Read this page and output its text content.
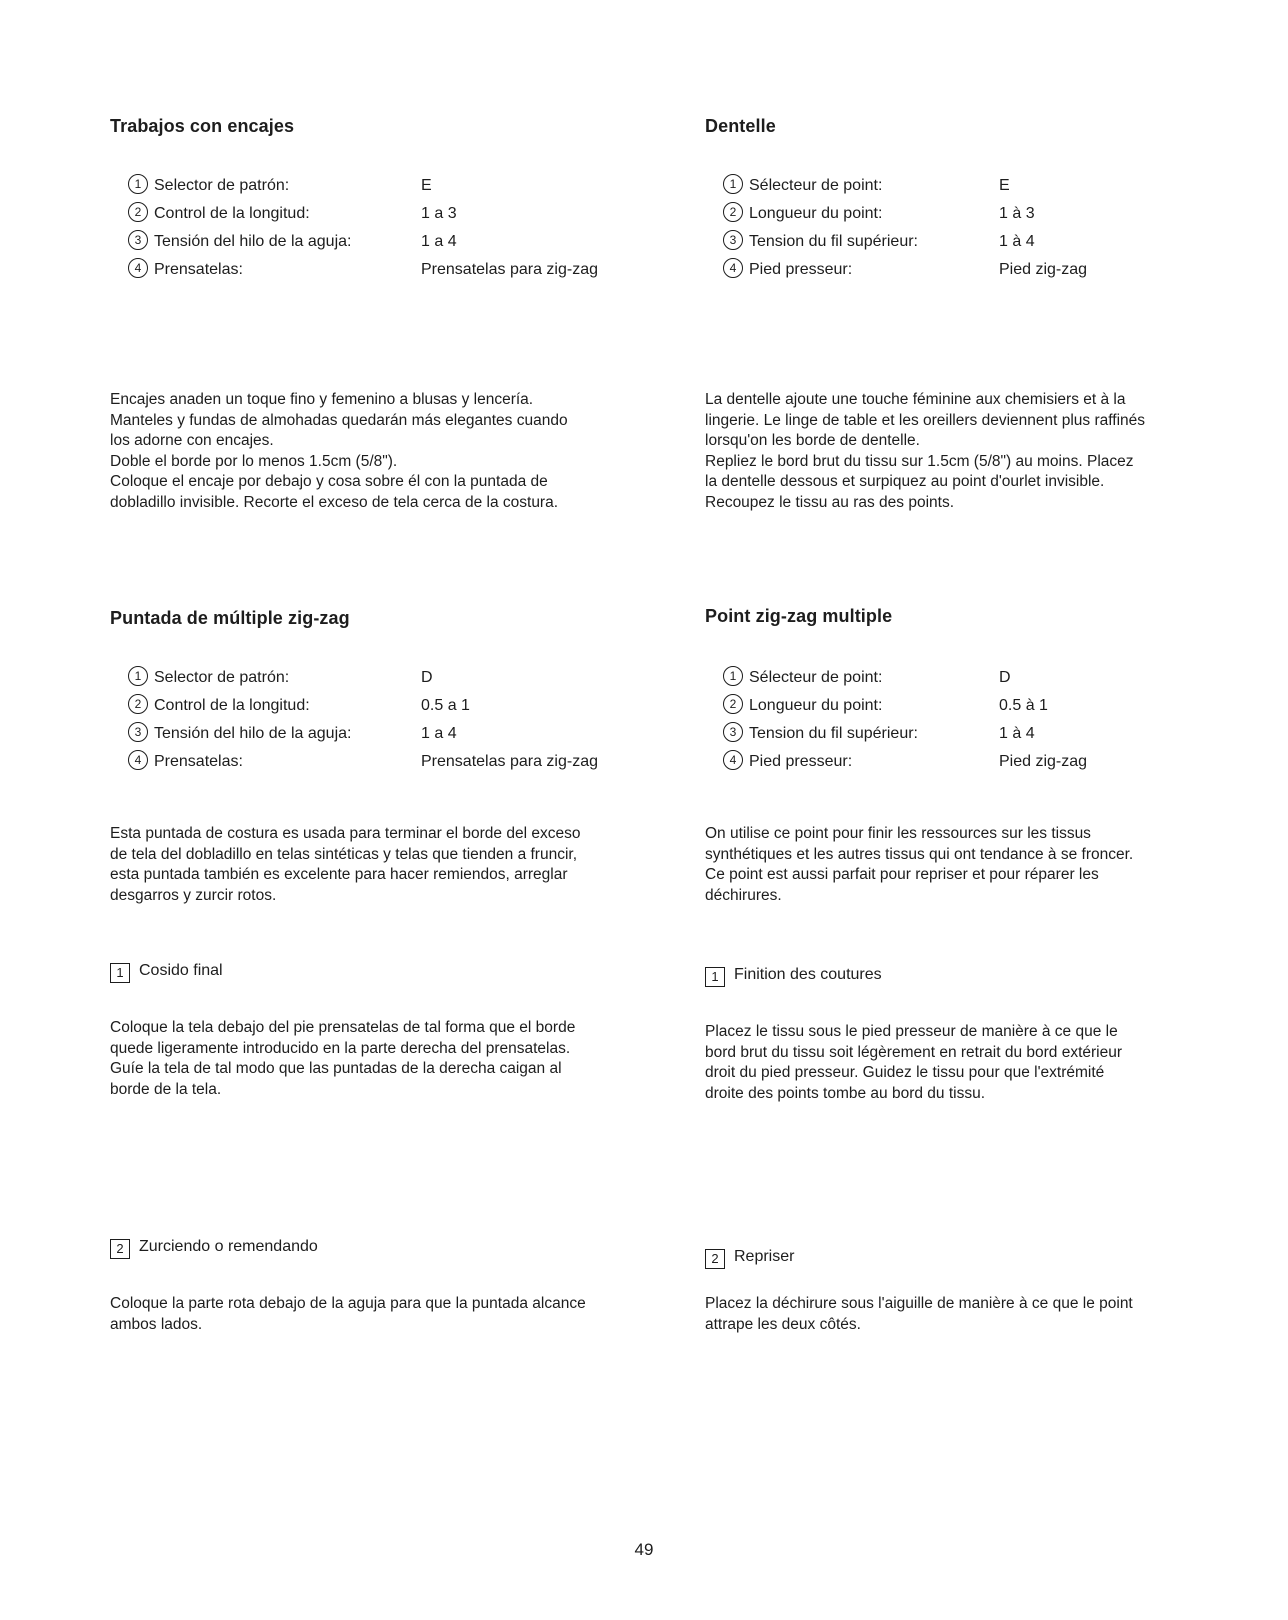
Trabajos con encajes
1 Selector de patrón:	E
2 Control de la longitud:	1 a 3
3 Tensión del hilo de la aguja:	1 a 4
4 Prensatelas:	Prensatelas para zig-zag
Encajes anaden un toque fino y femenino a blusas y lencería.
Manteles y fundas de almohadas quedarán más elegantes cuando
los adorne con encajes.
Doble el borde por lo menos 1.5cm (5/8").
Coloque el encaje por debajo y cosa sobre él con la puntada de
dobladillo invisible. Recorte el exceso de tela cerca de la costura.
Puntada de múltiple zig-zag
1 Selector de patrón:	D
2 Control de la longitud:	0.5 a 1
3 Tensión del hilo de la aguja:	1 a 4
4 Prensatelas:	Prensatelas para zig-zag
Esta puntada de costura es usada para terminar el borde del exceso
de tela del dobladillo en telas sintéticas y telas que tienden a fruncir,
esta puntada también es excelente para hacer remiendos, arreglar
desgarros y zurcir rotos.
1 Cosido final
Coloque la tela debajo del pie prensatelas de tal forma que el borde
quede ligeramente introducido en la parte derecha del prensatelas.
Guíe la tela de tal modo que las puntadas de la derecha caigan al
borde de la tela.
2 Zurciendo o remendando
Coloque la parte rota debajo de la aguja para que la puntada alcance
ambos lados.
Dentelle
1 Sélecteur de point:	E
2 Longueur du point:	1 à 3
3 Tension du fil supérieur:	1 à 4
4 Pied presseur:	Pied zig-zag
La dentelle ajoute une touche féminine aux chemisiers et à la
lingerie. Le linge de table et les oreillers deviennent plus raffinés
lorsqu'on les borde de dentelle.
Repliez le bord brut du tissu sur 1.5cm (5/8") au moins. Placez
la dentelle dessous et surpiquez au point d'ourlet invisible.
Recoupez le tissu au ras des points.
Point zig-zag multiple
1 Sélecteur de point:	D
2 Longueur du point:	0.5 à 1
3 Tension du fil supérieur:	1 à 4
4 Pied presseur:	Pied zig-zag
On utilise ce point pour finir les ressources sur les tissus
synthétiques et les autres tissus qui ont tendance à se froncer.
Ce point est aussi parfait pour repriser et pour réparer les
déchirures.
1 Finition des coutures
Placez le tissu sous le pied presseur de manière à ce que le
bord brut du tissu soit légèrement en retrait du bord extérieur
droit du pied presseur. Guidez le tissu pour que l'extrémité
droite des points tombe au bord du tissu.
2 Repriser
Placez la déchirure sous l'aiguille de manière à ce que le point
attrape les deux côtés.

49
